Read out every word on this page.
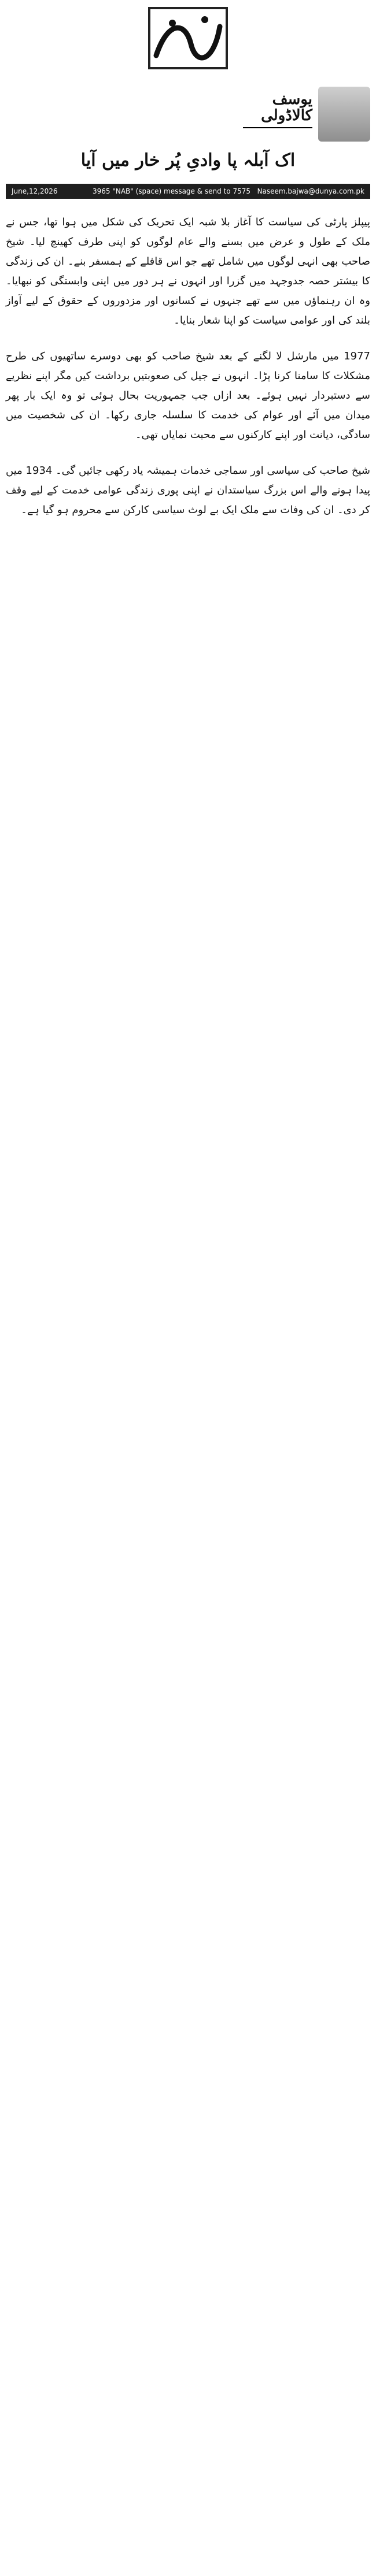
یوسف
کالاڈولی
اک آبلہ پا وادیِ پُر خار میں آیا
June,12,2026	3965 "NAB" (space) message & send to 7575 Naseem.bajwa@dunya.com.pk

پیپلز پارٹی کی سیاست کا آغاز بلا شبہ ایک تحریک کی شکل میں ہوا تھا، جس نے ملک کے طول و عرض میں بسنے والے عام لوگوں کو اپنی طرف کھینچ لیا۔ شیخ صاحب بھی انہی لوگوں میں شامل تھے جو اس قافلے کے ہمسفر بنے۔ ان کی زندگی کا بیشتر حصہ جدوجہد میں گزرا اور انہوں نے ہر دور میں اپنی وابستگی کو نبھایا۔ وہ ان رہنماؤں میں سے تھے جنہوں نے کسانوں اور مزدوروں کے حقوق کے لیے آواز بلند کی اور عوامی سیاست کو اپنا شعار بنایا۔

1977 میں مارشل لا لگنے کے بعد شیخ صاحب کو بھی دوسرے ساتھیوں کی طرح مشکلات کا سامنا کرنا پڑا۔ انہوں نے جیل کی صعوبتیں برداشت کیں مگر اپنے نظریے سے دستبردار نہیں ہوئے۔ بعد ازاں جب جمہوریت بحال ہوئی تو وہ ایک بار پھر میدان میں آئے اور عوام کی خدمت کا سلسلہ جاری رکھا۔ ان کی شخصیت میں سادگی، دیانت اور اپنے کارکنوں سے محبت نمایاں تھی۔

شیخ صاحب کی سیاسی اور سماجی خدمات ہمیشہ یاد رکھی جائیں گی۔ 1934 میں پیدا ہونے والے اس بزرگ سیاستدان نے اپنی پوری زندگی عوامی خدمت کے لیے وقف کر دی۔ ان کی وفات سے ملک ایک بے لوث سیاسی کارکن سے محروم ہو گیا ہے۔
